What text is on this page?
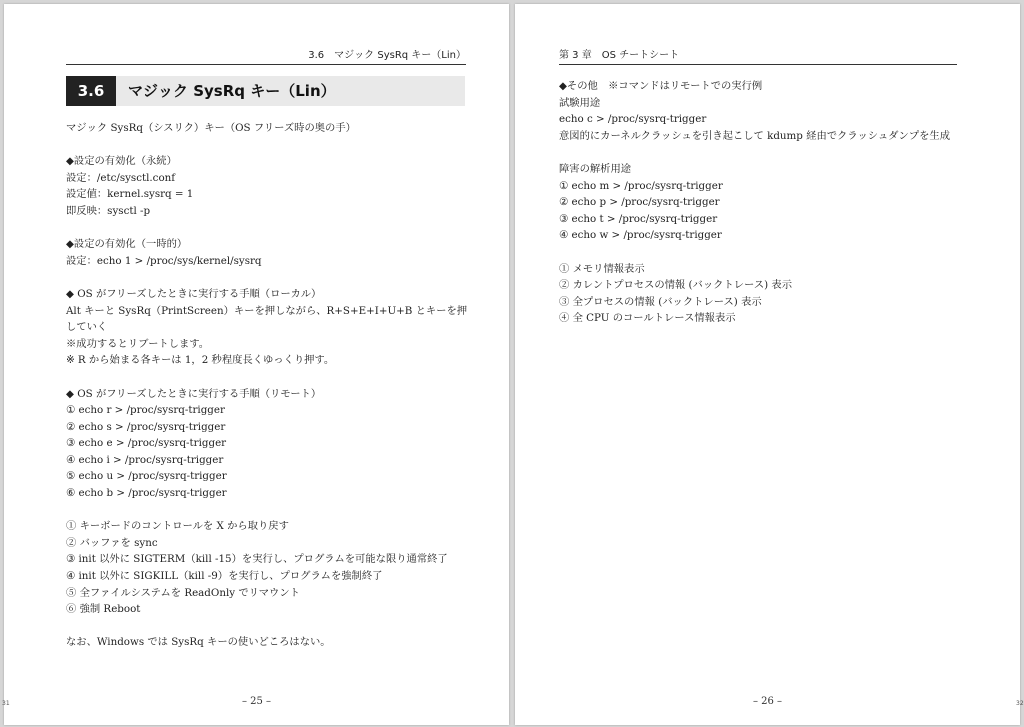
3.6　マジック SysRq キー（Lin）
3.6	マジック SysRq キー（Lin）
マジック SysRq（シスリク）キー（OS フリーズ時の奥の手）
◆設定の有効化（永続）
設定：/etc/sysctl.conf
設定値：kernel.sysrq = 1
即反映：sysctl -p
◆設定の有効化（一時的）
設定：echo 1 > /proc/sys/kernel/sysrq
◆ OS がフリーズしたときに実行する手順（ローカル）
Alt キーと SysRq（PrintScreen）キーを押しながら、R+S+E+I+U+B とキーを押していく
※成功するとリブートします。
※ R から始まる各キーは 1，2 秒程度長くゆっくり押す。
◆ OS がフリーズしたときに実行する手順（リモート）
① echo r > /proc/sysrq-trigger
② echo s > /proc/sysrq-trigger
③ echo e > /proc/sysrq-trigger
④ echo i > /proc/sysrq-trigger
⑤ echo u > /proc/sysrq-trigger
⑥ echo b > /proc/sysrq-trigger
① キーボードのコントロールを X から取り戻す
② バッファを sync
③ init 以外に SIGTERM（kill -15）を実行し、プログラムを可能な限り通常終了
④ init 以外に SIGKILL（kill -9）を実行し、プログラムを強制終了
⑤ 全ファイルシステムを ReadOnly でリマウント
⑥ 強制 Reboot
なお、Windows では SysRq キーの使いどころはない。
– 25 –
第 3 章　OS チートシート
◆その他　※コマンドはリモートでの実行例
試験用途
echo c > /proc/sysrq-trigger
意図的にカーネルクラッシュを引き起こして kdump 経由でクラッシュダンプを生成
障害の解析用途
① echo m > /proc/sysrq-trigger
② echo p > /proc/sysrq-trigger
③ echo t > /proc/sysrq-trigger
④ echo w > /proc/sysrq-trigger
① メモリ情報表示
② カレントプロセスの情報 (バックトレース) 表示
③ 全プロセスの情報 (バックトレース) 表示
④ 全 CPU のコールトレース情報表示
– 26 –
31	32
